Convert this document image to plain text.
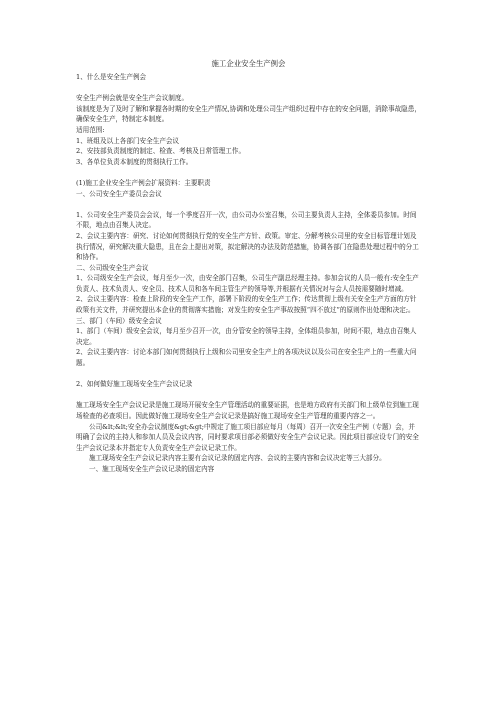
施工企业安全生产例会
1、什么是安全生产例会
安全生产例会就是安全生产会议制度。
该制度是为了及时了解和掌握各时期的安全生产情况,协调和处理公司生产组织过程中存在的安全问题，消除事故隐患，确保安全生产，特制定本制度。
适用范围:
1、班组及以上各部门安全生产会议
2、安技部负责制度的制定、检查、考核及日常管理工作。
3、各单位负责本制度的贯彻执行工作。
(1)施工企业安全生产例会扩展资料：主要职责
一、公司安全生产委员会会议
1、公司安全生产委员会会议，每一个季度召开一次，由公司办公室召集，公司主要负责人主持，全体委员参加。时间不限，地点由召集人决定。
2、会议主要内容：研究、讨论如何贯彻执行党的安全生产方针、政策。审定、分解考核公司里的安全目标管理计划及执行情况，研究解决重大隐患，且在会上提出对策，拟定解决的办法及防范措施，协调各部门在隐患处理过程中的分工和协作。
二、公司级安全生产会议
1、公司级安全生产会议，每月至少一次，由安全部门召集，公司生产副总经理主持。参加会议的人员一般有:安全生产负责人、技术负责人、安全员、技术人员和各车间主管生产的领导等,并根据有关情况对与会人员按需要随时增减。
2、会议主要内容：检查上阶段的安全生产工作，部署下阶段的安全生产工作；传达贯彻上级有关安全生产方面的方针政策有关文件，并研究提出本企业的贯彻落实措施；对发生的安全生产事故按照“四不放过”的原则作出处理和决定;。
三、部门（车间）级安全会议
1、部门（车间）级安全会议，每月至少召开一次，由分管安全的领导主持，全体组员参加，时间不限，地点由召集人决定。
2、会议主要内容：讨论本部门如何贯彻执行上级和公司里安全生产上的各项决议以及公司在安全生产上的一些重大问题。
2、如何做好施工现场安全生产会议记录
施工现场安全生产会议记录是施工现场开展安全生产管理活动的重要证据，也是地方政府有关部门和上级单位到施工现场检查的必查项目。因此做好施工现场安全生产会议记录是搞好施工现场安全生产管理的重要内容之一。
公司&lt;&lt;安全办会议制度&gt;&gt;中规定了施工项目部应每月（每周）召开一次安全生产例（专题）会，并明确了会议的主持人和参加人员及会议内容，同时要求项目部必须做好安全生产会议记录。因此项目部应设专门的安全生产会议记录本并指定专人负责安全生产会议记录工作。
施工现场安全生产会议记录内容主要有会议记录的固定内容、会议的主要内容和会议决定等三大部分。
一、施工现场安全生产会议记录的固定内容
